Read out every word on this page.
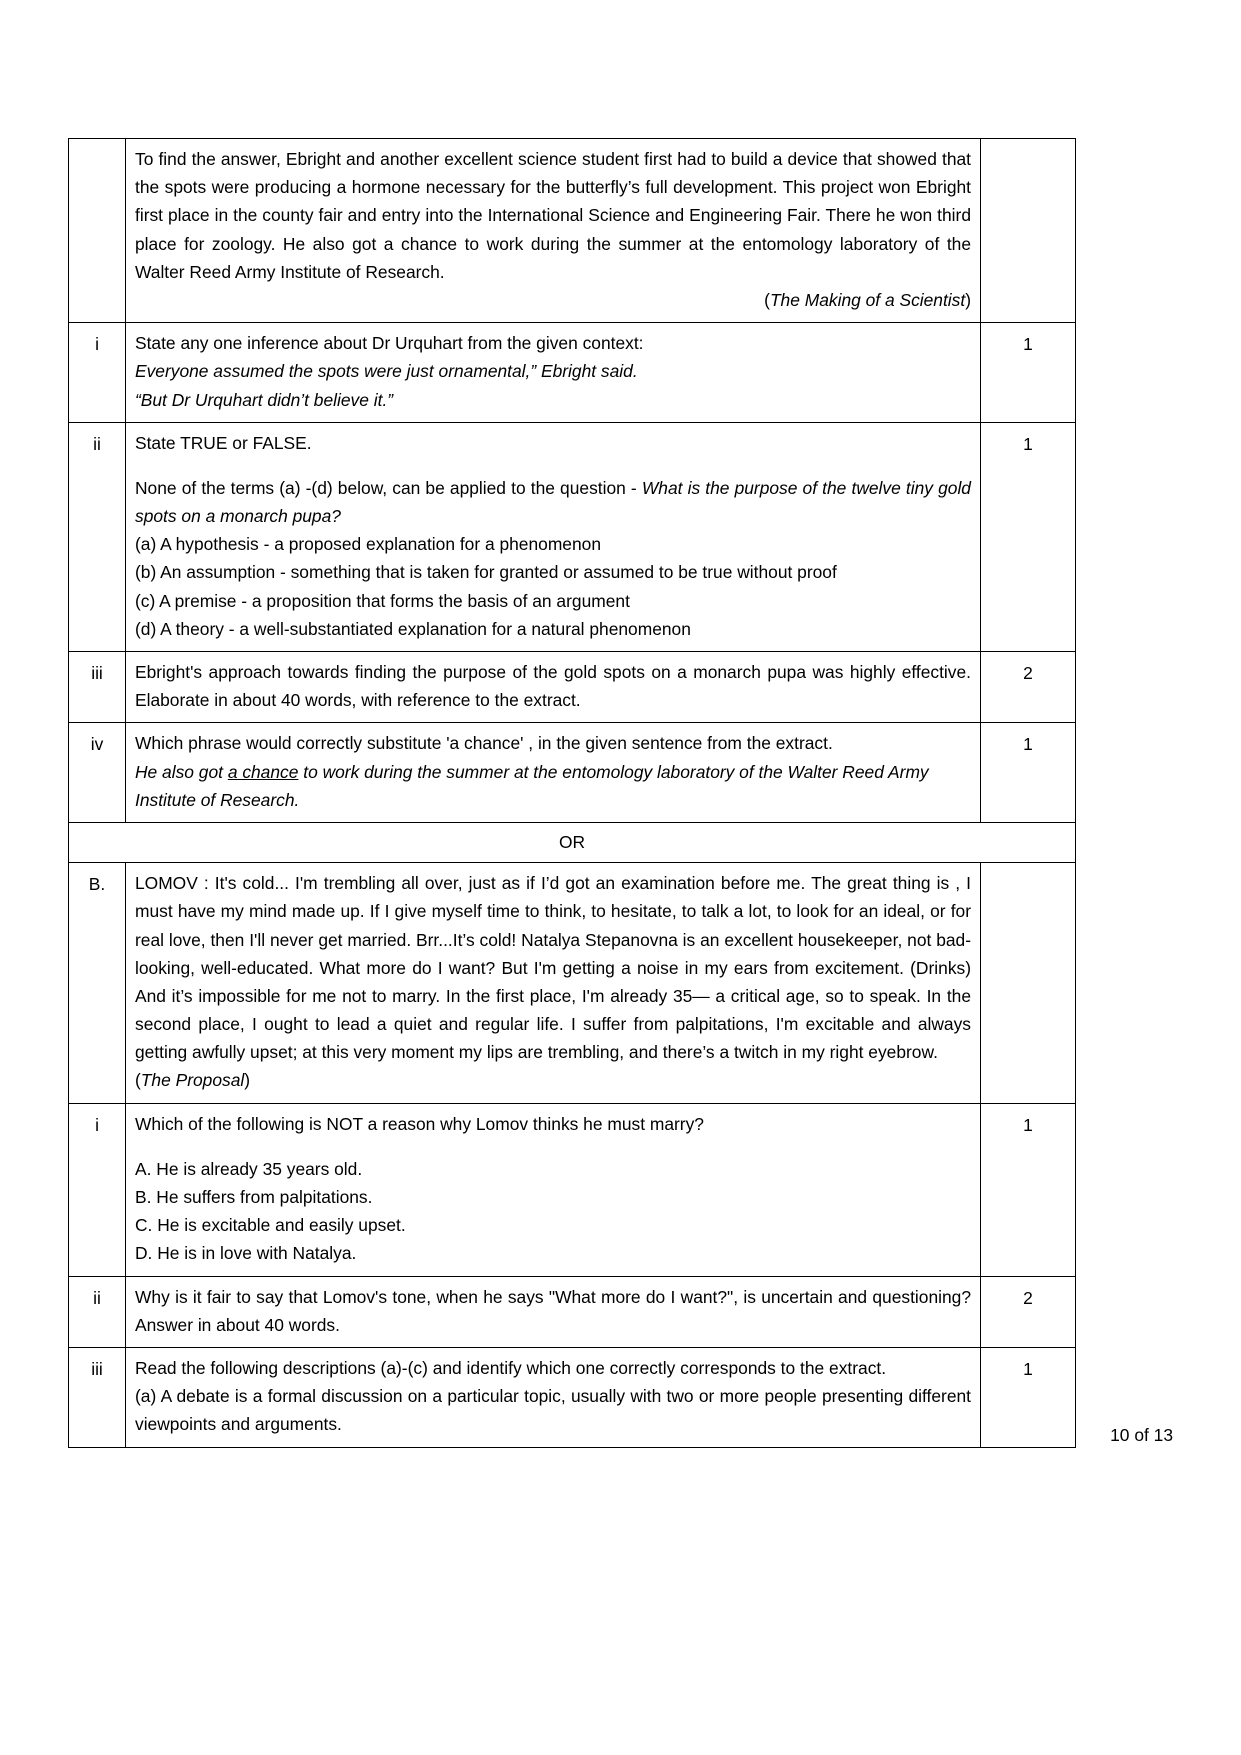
	To find the answer, Ebright and another excellent science student first had to build a device that showed that the spots were producing a hormone necessary for the butterfly’s full development. This project won Ebright first place in the county fair and entry into the International Science and Engineering Fair. There he won third place for zoology. He also got a chance to work during the summer at the entomology laboratory of the Walter Reed Army Institute of Research.

(The Making of a Scientist)	

i	State any one inference about Dr Urquhart from the given context:

Everyone assumed the spots were just ornamental,” Ebright said.

“But Dr Urquhart didn’t believe it.”	1
ii	State TRUE or FALSE.

None of the terms (a) -(d) below, can be applied to the question - What is the purpose of the twelve tiny gold spots on a monarch pupa?

(a) A hypothesis - a proposed explanation for a phenomenon

(b) An assumption - something that is taken for granted or assumed to be true without proof

(c) A premise - a proposition that forms the basis of an argument

(d) A theory - a well-substantiated explanation for a natural phenomenon

	1
iii	Ebright's approach towards finding the purpose of the gold spots on a monarch pupa was highly effective. Elaborate in about 40 words, with reference to the extract.	2
iv	Which phrase would correctly substitute 'a chance' , in the given sentence from the extract.

He also got a chance to work during the summer at the entomology laboratory of the Walter Reed Army Institute of Research.	1
OR		
B.	LOMOV : It's cold... I'm trembling all over, just as if I’d got an examination before me. The great thing is , I must have my mind made up. If I give myself time to think, to hesitate, to talk a lot, to look for an ideal, or for real love, then I'll never get married. Brr...It’s cold! Natalya Stepanovna is an excellent housekeeper, not bad-looking, well-educated. What more do I want? But I'm getting a noise in my ears from excitement. (Drinks) And it’s impossible for me not to marry. In the first place, I'm already 35— a critical age, so to speak. In the second place, I ought to lead a quiet and regular life. I suffer from palpitations, I'm excitable and always getting awfully upset; at this very moment my lips are trembling, and there’s a twitch in my right eyebrow.

(The Proposal)	

i	Which of the following is NOT a reason why Lomov thinks he must marry?

A. He is already 35 years old.

B. He suffers from palpitations.

C. He is excitable and easily upset.

D. He is in love with Natalya.	1
ii	Why is it fair to say that Lomov's tone, when he says "What more do I want?", is uncertain and questioning? Answer in about 40 words.	2
iii	Read the following descriptions (a)-(c) and identify which one correctly corresponds to the extract.

(a) A debate is a formal discussion on a particular topic, usually with two or more people presenting different viewpoints and arguments.	1
10 of 13
